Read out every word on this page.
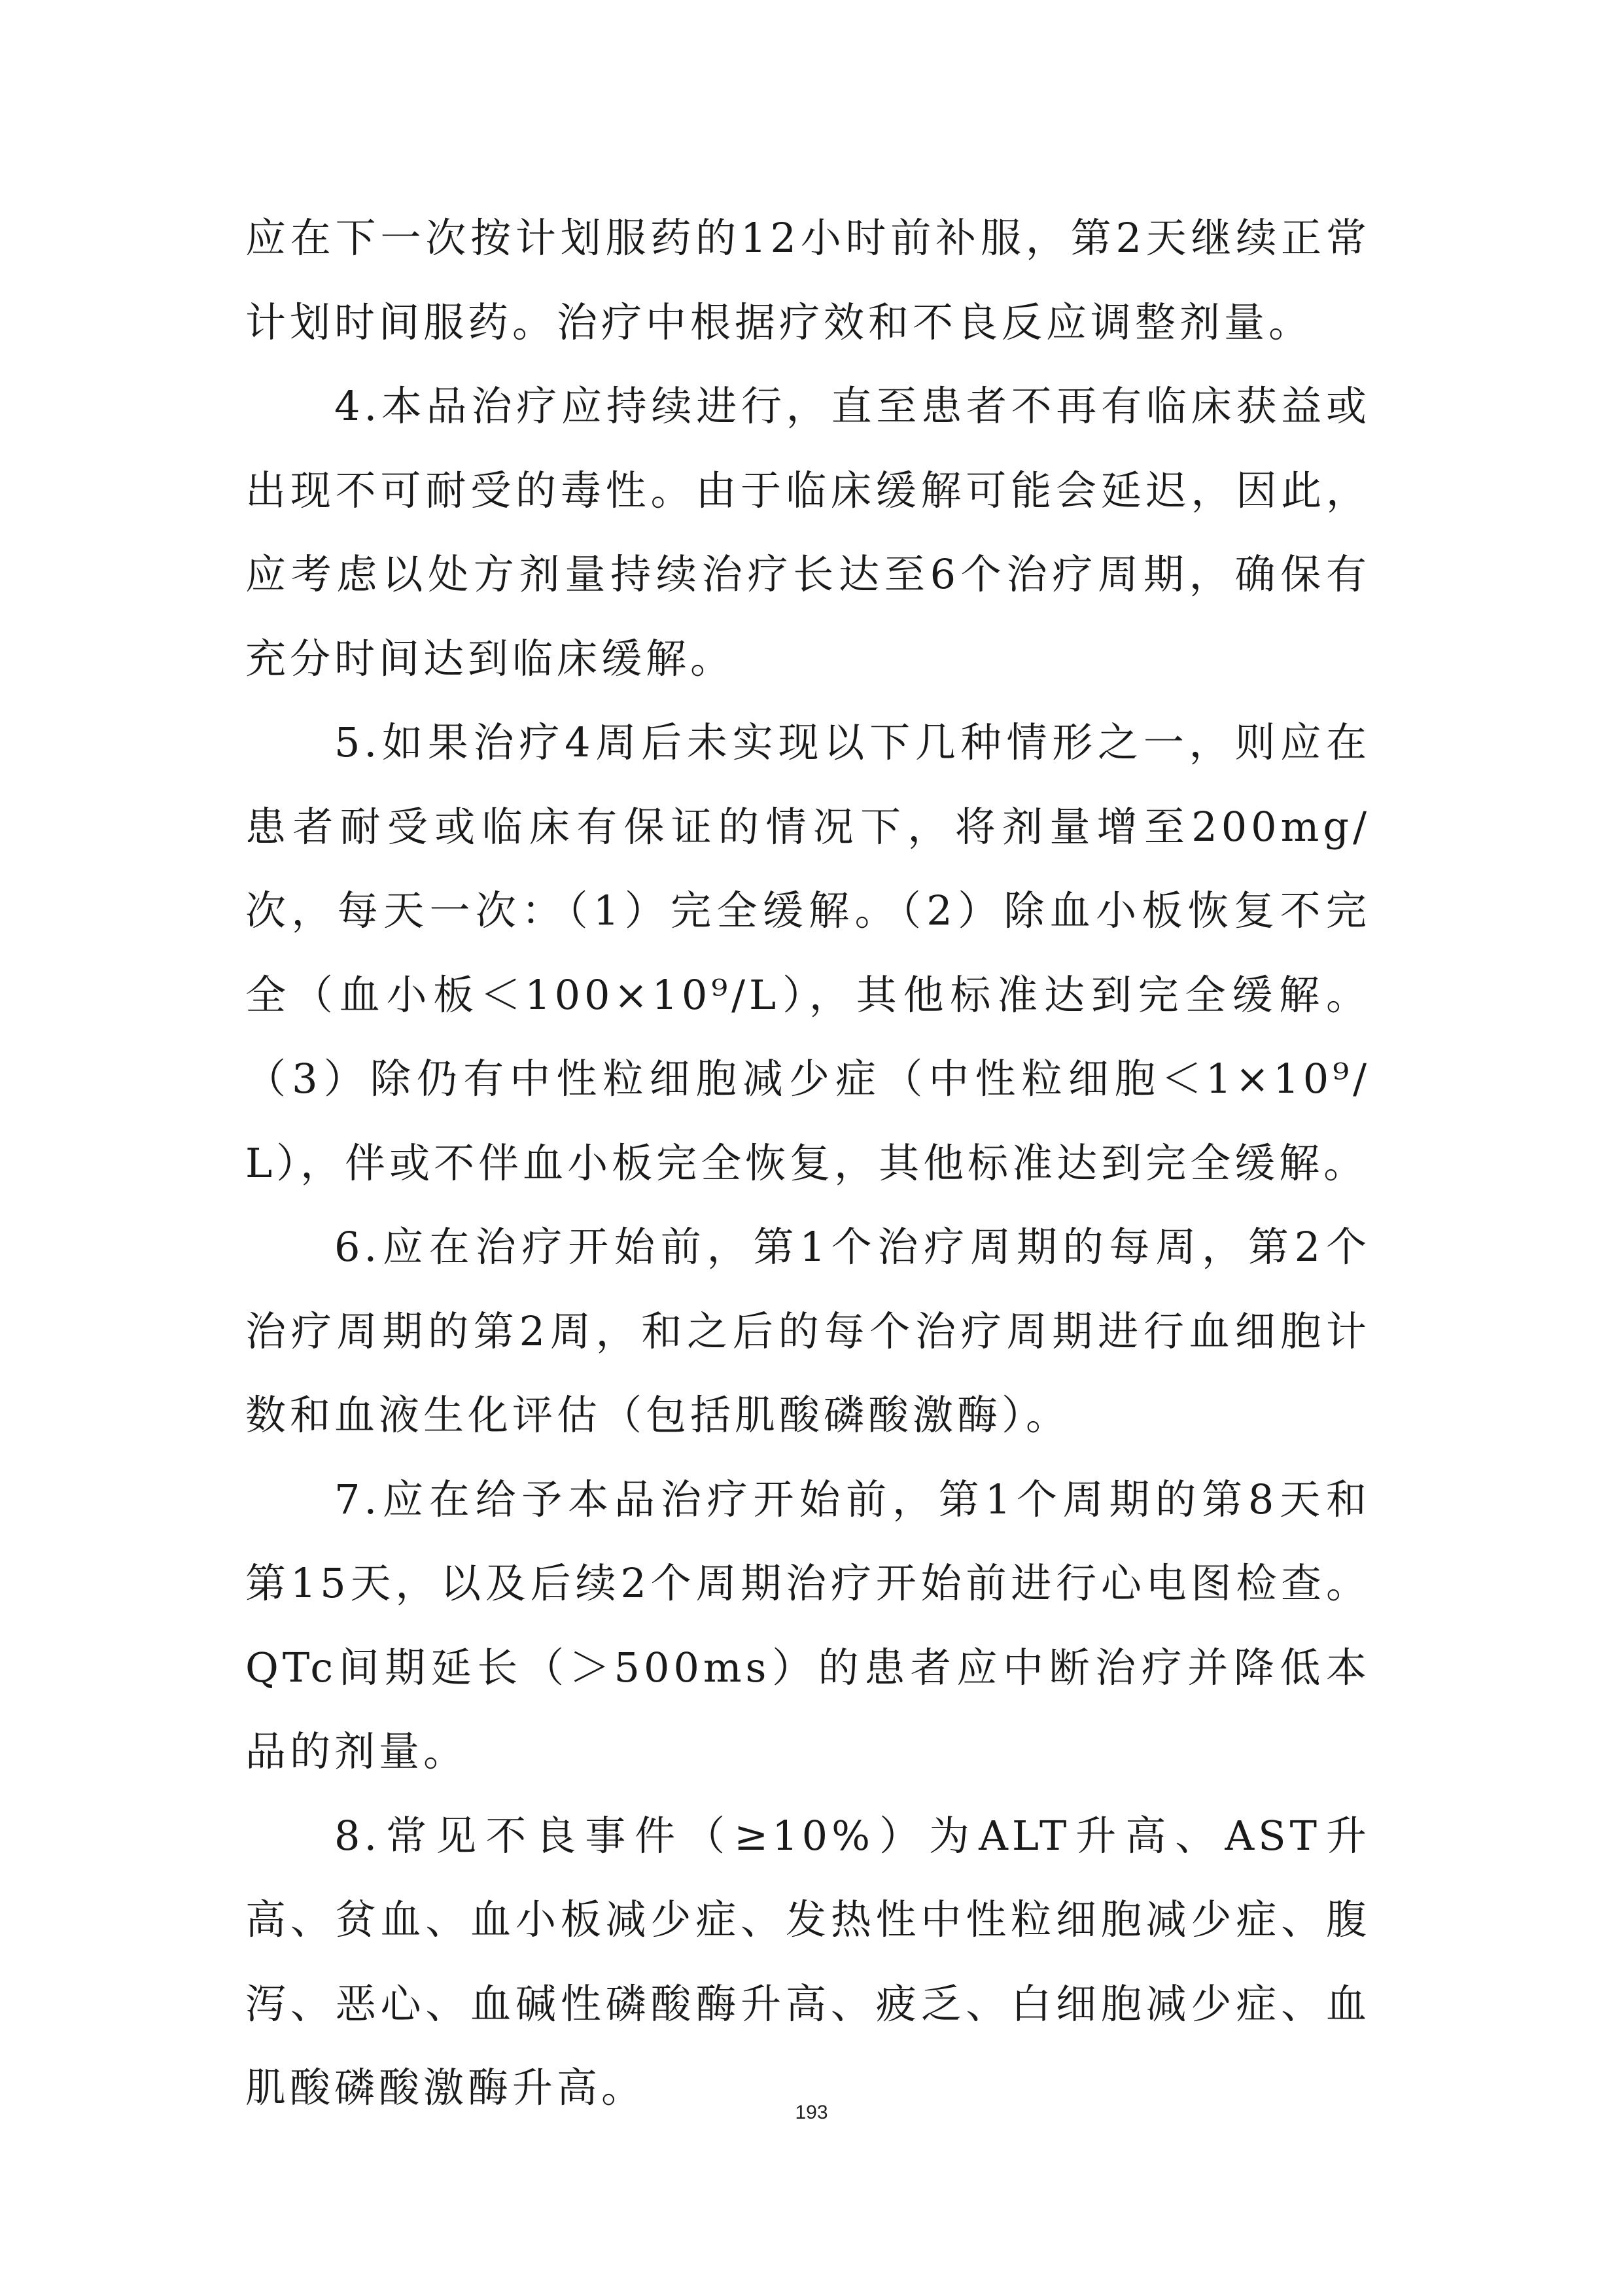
应在下一次按计划服药的12小时前补服，第2天继续正常计划时间服药。治疗中根据疗效和不良反应调整剂量。

4.本品治疗应持续进行，直至患者不再有临床获益或出现不可耐受的毒性。由于临床缓解可能会延迟，因此，应考虑以处方剂量持续治疗长达至6个治疗周期，确保有充分时间达到临床缓解。

5.如果治疗4周后未实现以下几种情形之一，则应在患者耐受或临床有保证的情况下，将剂量增至200mg/次，每天一次：（1）完全缓解。（2）除血小板恢复不完全（血小板＜100×10⁹/L），其他标准达到完全缓解。（3）除仍有中性粒细胞减少症（中性粒细胞＜1×10⁹/L），伴或不伴血小板完全恢复，其他标准达到完全缓解。

6.应在治疗开始前，第1个治疗周期的每周，第2个治疗周期的第2周，和之后的每个治疗周期进行血细胞计数和血液生化评估（包括肌酸磷酸激酶）。

7.应在给予本品治疗开始前，第1个周期的第8天和第15天，以及后续2个周期治疗开始前进行心电图检查。QTc间期延长（＞500ms）的患者应中断治疗并降低本品的剂量。

8.常见不良事件（≥10%）为ALT升高、AST升高、贫血、血小板减少症、发热性中性粒细胞减少症、腹泻、恶心、血碱性磷酸酶升高、疲乏、白细胞减少症、血肌酸磷酸激酶升高。

193
